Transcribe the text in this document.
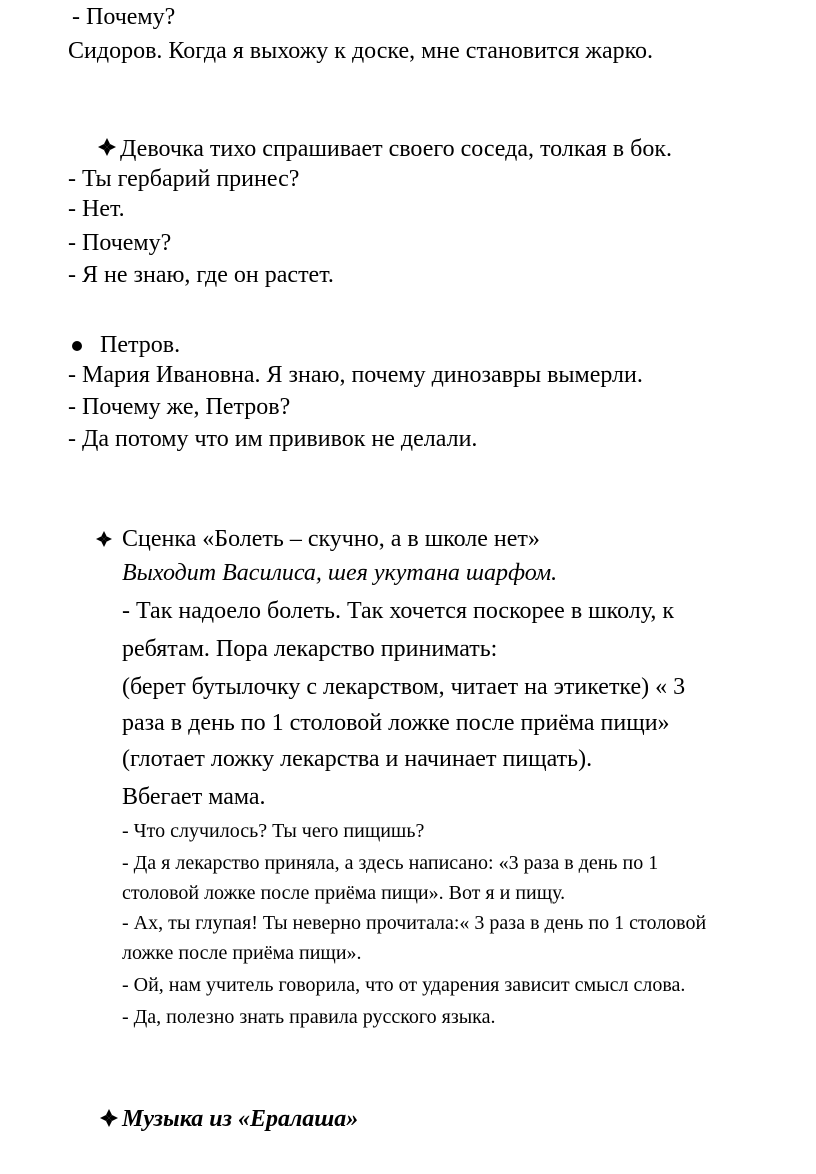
- Почему?
Сидоров. Когда я выхожу к доске, мне становится жарко.
Девочка тихо спрашивает своего соседа, толкая в бок.
- Ты гербарий принес?
- Нет.
- Почему?
- Я не знаю, где он растет.
Петров.
- Мария Ивановна. Я знаю, почему динозавры вымерли.
- Почему же, Петров?
- Да потому что им прививок не делали.
Сценка «Болеть – скучно, а в школе нет»
Выходит Василиса, шея укутана шарфом.
- Так надоело болеть. Так хочется поскорее в школу, к
ребятам. Пора лекарство принимать:
(берет бутылочку с лекарством, читает на этикетке) « 3
раза в день по 1 столовой ложке после приёма пищи»
(глотает ложку лекарства и начинает пищать).
Вбегает мама.
- Что случилось? Ты чего пищишь?
- Да я лекарство приняла, а здесь написано: «3 раза в день по 1
столовой ложке после приёма пищи». Вот я и пищу.
- Ах, ты глупая! Ты неверно прочитала:« 3 раза в день по 1 столовой
ложке после приёма пищи».
- Ой, нам учитель говорила, что от ударения зависит смысл слова.
- Да, полезно знать правила русского языка.
Музыка из «Ералаша»
